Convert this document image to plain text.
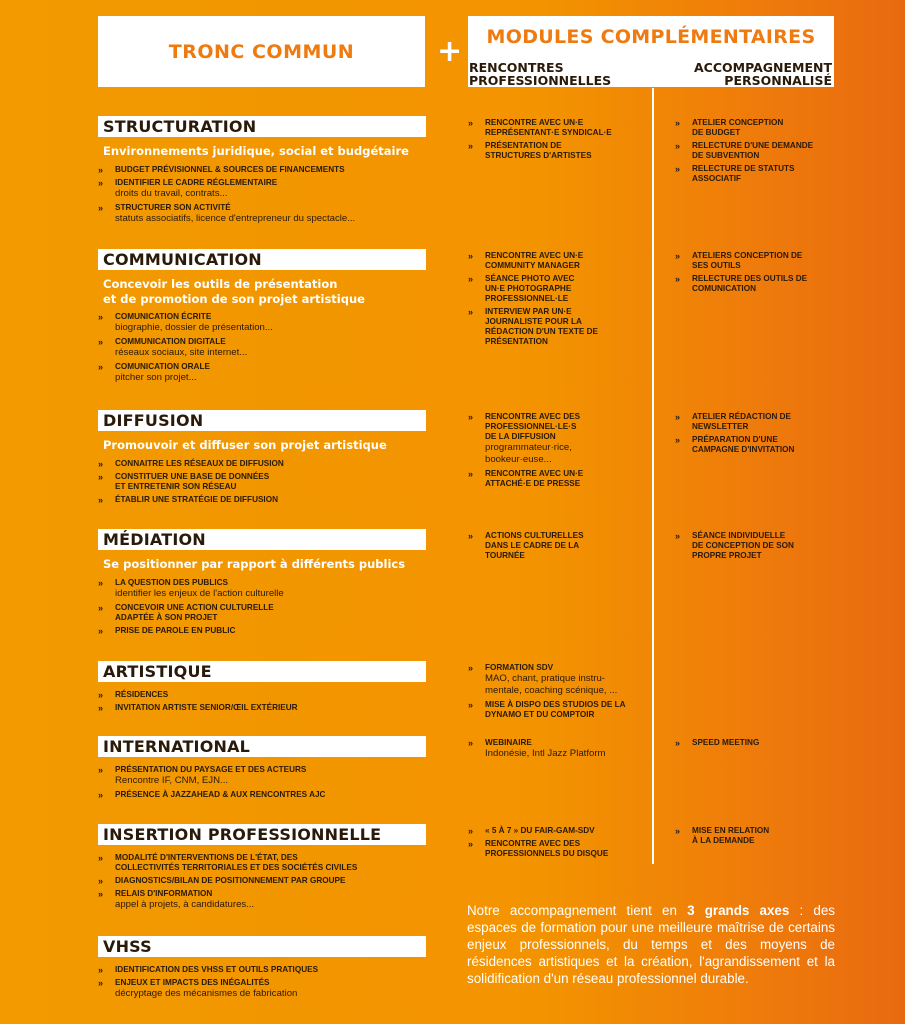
TRONC COMMUN	+	MODULES COMPLÉMENTAIRES
RENCONTRES
PROFESSIONNELLES
ACCOMPAGNEMENT
PERSONNALISÉ
STRUCTURATION
Environnements juridique, social et budgétaire
» BUDGET PRÉVISIONNEL & SOURCES DE FINANCEMENTS
» IDENTIFIER LE CADRE RÉGLEMENTAIRE
droits du travail, contrats...
» STRUCTURER SON ACTIVITÉ
statuts associatifs, licence d'entrepreneur du spectacle...
» RENCONTRE AVEC UN·E
REPRÉSENTANT·E SYNDICAL·E
» PRÉSENTATION DE
STRUCTURES D'ARTISTES
» ATELIER CONCEPTION
DE BUDGET
» RELECTURE D'UNE DEMANDE
DE SUBVENTION
» RELECTURE DE STATUTS
ASSOCIATIF
COMMUNICATION
Concevoir les outils de présentation
et de promotion de son projet artistique
» COMUNICATION ÉCRITE
biographie, dossier de présentation...
» COMMUNICATION DIGITALE
réseaux sociaux, site internet...
» COMUNICATION ORALE
pitcher son projet...
» RENCONTRE AVEC UN·E
COMMUNITY MANAGER
» SÉANCE PHOTO AVEC
UN·E PHOTOGRAPHE
PROFESSIONNEL·LE
» INTERVIEW PAR UN·E
JOURNALISTE POUR LA
RÉDACTION D'UN TEXTE DE
PRÉSENTATION
» ATELIERS CONCEPTION DE
SES OUTILS
» RELECTURE DES OUTILS DE
COMUNICATION
DIFFUSION
Promouvoir et diffuser son projet artistique
» CONNAITRE LES RÉSEAUX DE DIFFUSION
» CONSTITUER UNE BASE DE DONNÉES
ET ENTRETENIR SON RÉSEAU
» ÉTABLIR UNE STRATÉGIE DE DIFFUSION
» RENCONTRE AVEC DES
PROFESSIONNEL·LE·S
DE LA DIFFUSION
programmateur·rice,
bookeur·euse...
» RENCONTRE AVEC UN·E
ATTACHÉ·E DE PRESSE
» ATELIER RÉDACTION DE
NEWSLETTER
» PRÉPARATION D'UNE
CAMPAGNE D'INVITATION
MÉDIATION
Se positionner par rapport à différents publics
» LA QUESTION DES PUBLICS
identifier les enjeux de l'action culturelle
» CONCEVOIR UNE ACTION CULTURELLE
ADAPTÉE À SON PROJET
» PRISE DE PAROLE EN PUBLIC
» ACTIONS CULTURELLES
DANS LE CADRE DE LA
TOURNÉE
» SÉANCE INDIVIDUELLE
DE CONCEPTION DE SON
PROPRE PROJET
ARTISTIQUE
» RÉSIDENCES
» INVITATION ARTISTE SENIOR/ŒIL EXTÉRIEUR
» FORMATION SDV
MAO, chant, pratique instru-
mentale, coaching scénique, ...
» MISE À DISPO DES STUDIOS DE LA
DYNAMO ET DU COMPTOIR
INTERNATIONAL
» PRÉSENTATION DU PAYSAGE ET DES ACTEURS
Rencontre IF, CNM, EJN...
» PRÉSENCE À JAZZAHEAD & AUX RENCONTRES AJC
» WEBINAIRE
Indonésie, Intl Jazz Platform
» SPEED MEETING
INSERTION PROFESSIONNELLE
» MODALITÉ D'INTERVENTIONS DE L'ÉTAT, DES
COLLECTIVITÉS TERRITORIALES ET DES SOCIÉTÉS CIVILES
» DIAGNOSTICS/BILAN DE POSITIONNEMENT PAR GROUPE
» RELAIS D'INFORMATION
appel à projets, à candidatures...
» « 5 À 7 » DU FAIR-GAM-SDV
» RENCONTRE AVEC DES
PROFESSIONNELS DU DISQUE
» MISE EN RELATION
À LA DEMANDE
VHSS
» IDENTIFICATION DES VHSS ET OUTILS PRATIQUES
» ENJEUX ET IMPACTS DES INÉGALITÉS
décryptage des mécanismes de fabrication
Notre accompagnement tient en 3 grands axes : des espaces de formation pour une meilleure maîtrise de certains enjeux professionnels, du temps et des moyens de résidences artistiques et la création, l'agrandissement et la solidification d'un réseau professionnel durable.
